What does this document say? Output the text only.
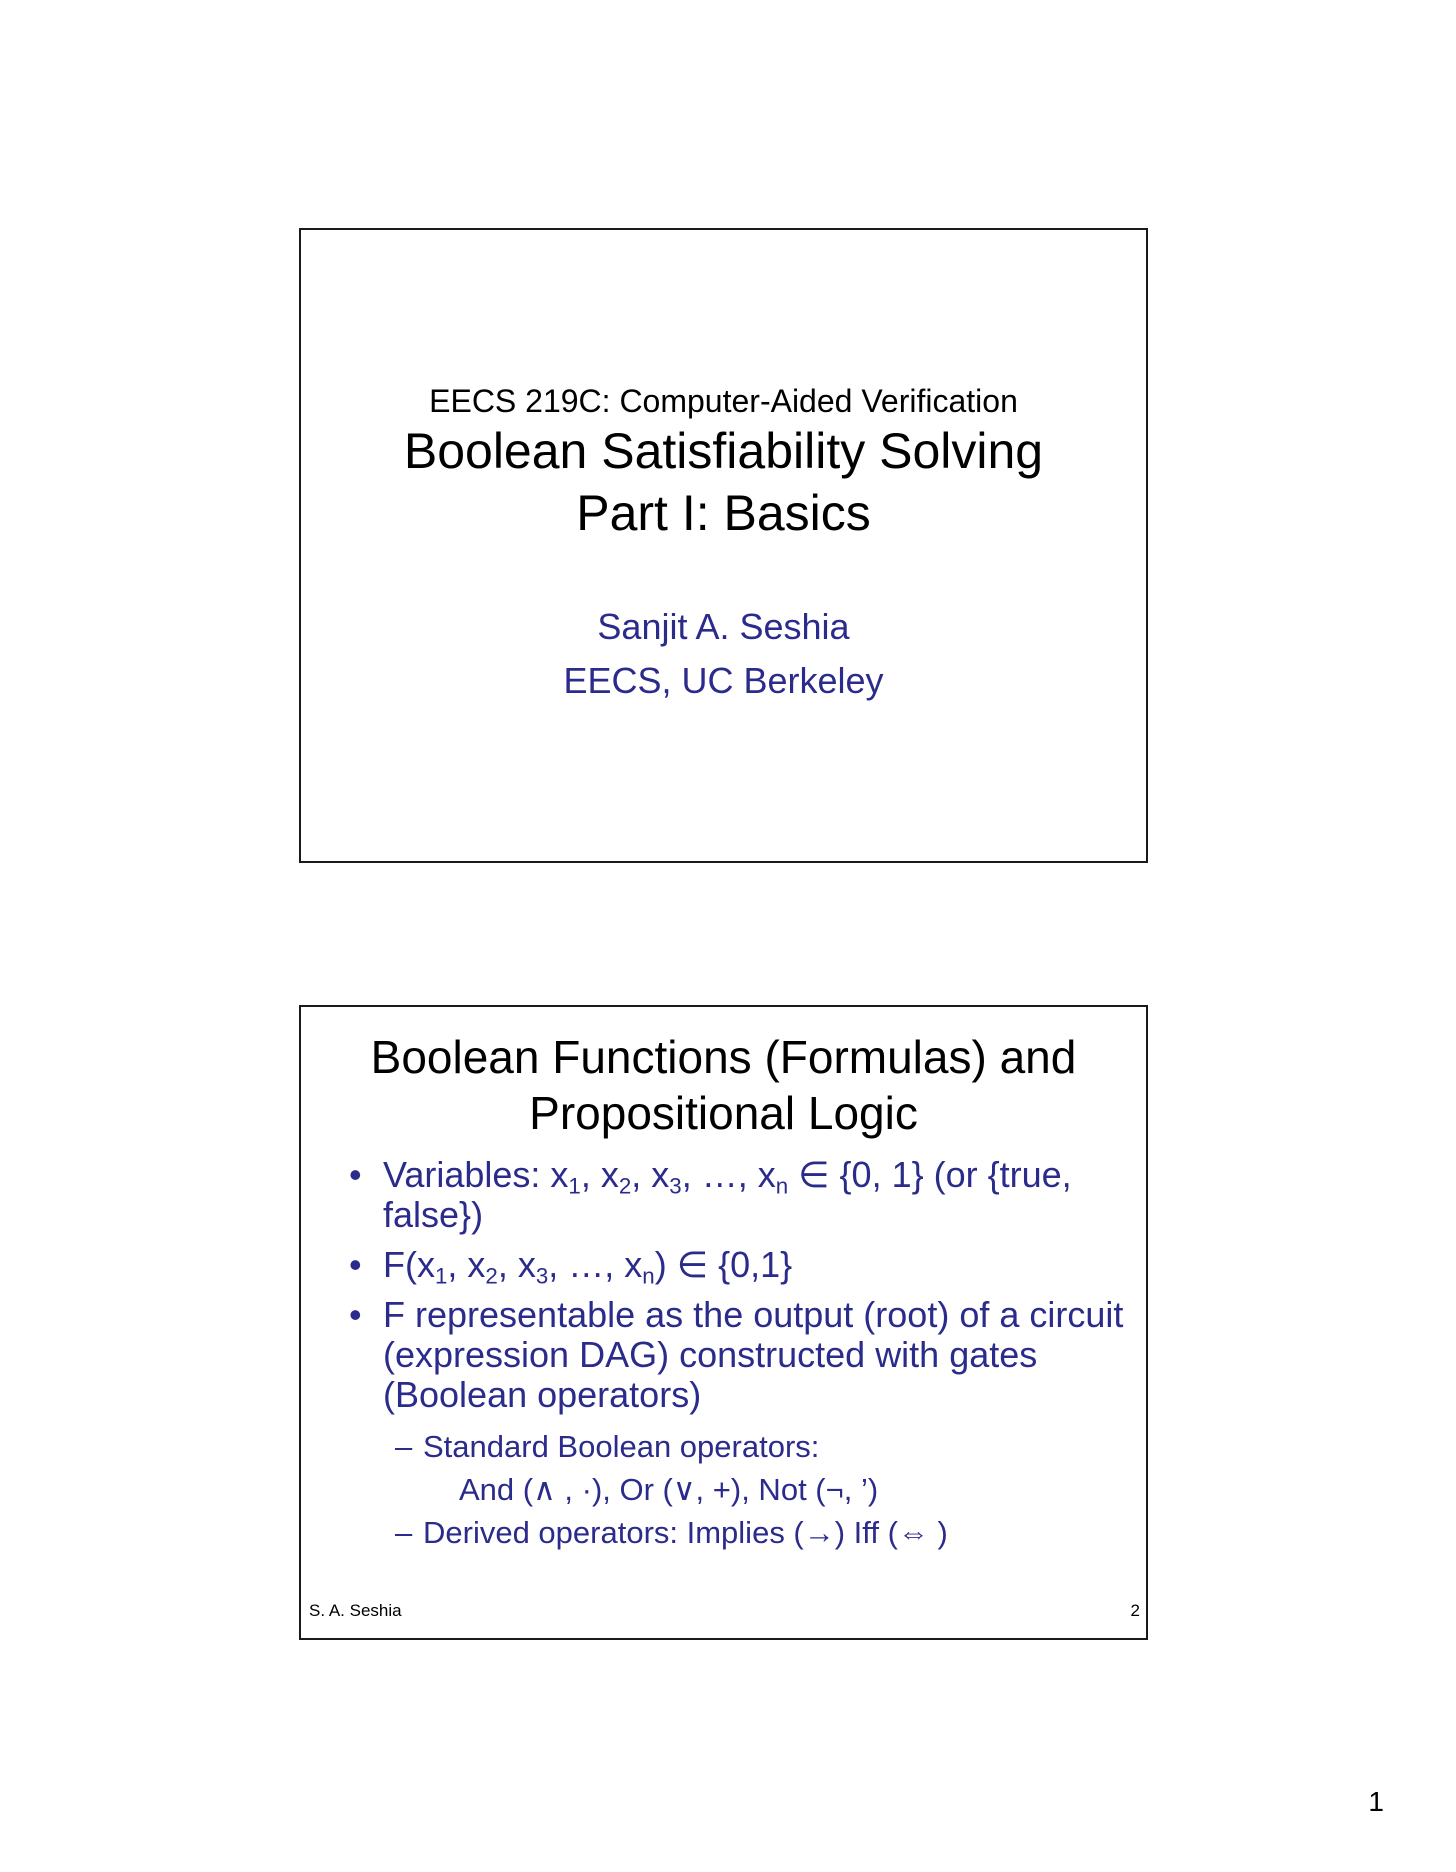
EECS 219C: Computer-Aided Verification
Boolean Satisfiability Solving
Part I: Basics
Sanjit A. Seshia
EECS, UC Berkeley
Boolean Functions (Formulas) and
Propositional Logic
• Variables: $x_1$, $x_2$, $x_3$, …, $x_n$ ∈ {0, 1} (or {true, false})
• $F(x_1$, $x_2$, $x_3$, …, $x_n$) ∈ {0,1}
• F representable as the output (root) of a circuit (expression DAG) constructed with gates (Boolean operators)
– Standard Boolean operators:
And (∧ , ·), Or (∨, +), Not (¬, ’)
– Derived operators: Implies (→) Iff (⇔ )
S. A. Seshia	2
1
